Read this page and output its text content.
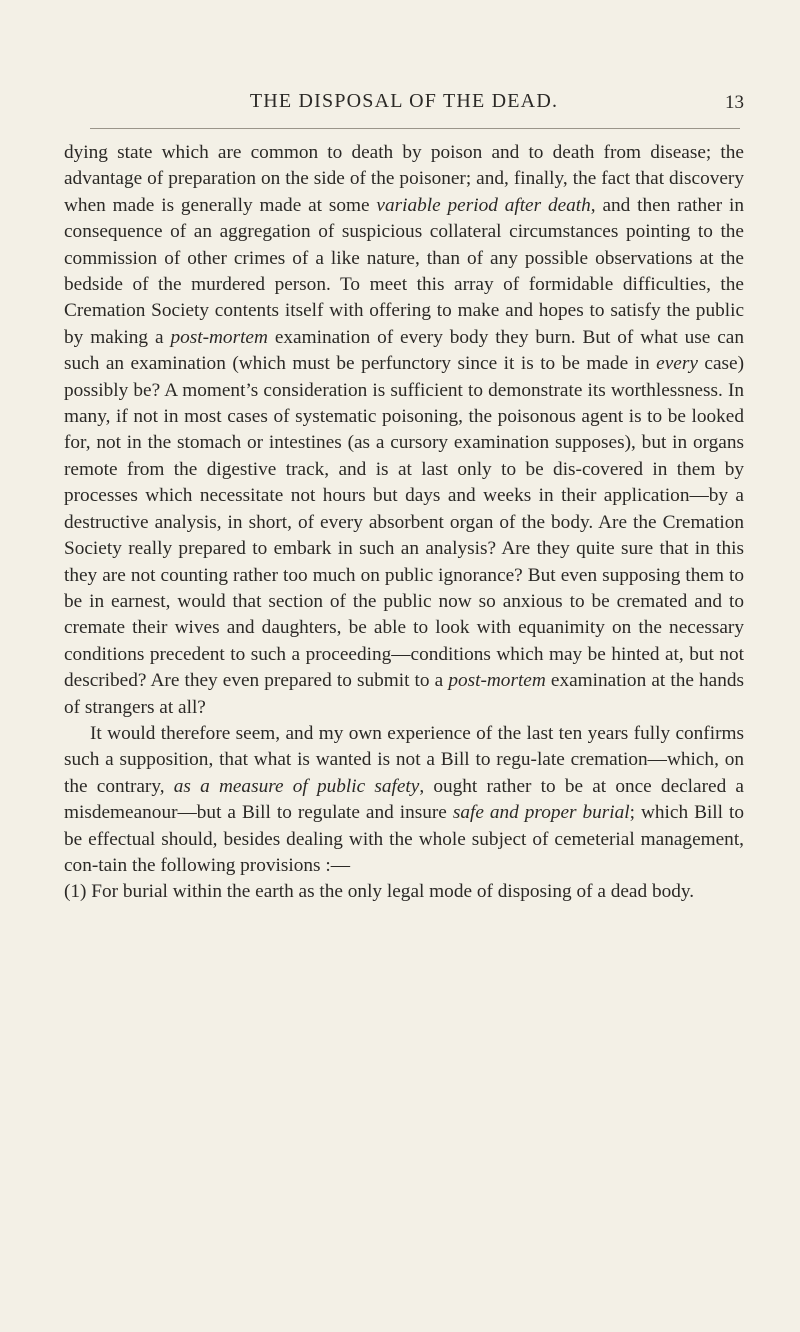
THE DISPOSAL OF THE DEAD.	13

dying state which are common to death by poison and to death from disease; the advantage of preparation on the side of the poisoner; and, finally, the fact that discovery when made is generally made at some variable period after death, and then rather in consequence of an aggregation of suspicious collateral circumstances pointing to the commission of other crimes of a like nature, than of any possible observations at the bedside of the murdered person. To meet this array of formidable difficulties, the Cremation Society contents itself with offering to make and hopes to satisfy the public by making a post-mortem examination of every body they burn. But of what use can such an examination (which must be perfunctory since it is to be made in every case) possibly be? A moment’s consideration is sufficient to demonstrate its worthlessness. In many, if not in most cases of systematic poisoning, the poisonous agent is to be looked for, not in the stomach or intestines (as a cursory examination supposes), but in organs remote from the digestive track, and is at last only to be dis-covered in them by processes which necessitate not hours but days and weeks in their application—by a destructive analysis, in short, of every absorbent organ of the body. Are the Cremation Society really prepared to embark in such an analysis? Are they quite sure that in this they are not counting rather too much on public ignorance? But even supposing them to be in earnest, would that section of the public now so anxious to be cremated and to cremate their wives and daughters, be able to look with equanimity on the necessary conditions precedent to such a proceeding—conditions which may be hinted at, but not described? Are they even prepared to submit to a post-mortem examination at the hands of strangers at all?

It would therefore seem, and my own experience of the last ten years fully confirms such a supposition, that what is wanted is not a Bill to regu-late cremation—which, on the contrary, as a measure of public safety, ought rather to be at once declared a misdemeanour—but a Bill to regulate and insure safe and proper burial; which Bill to be effectual should, besides dealing with the whole subject of cemeterial management, con-tain the following provisions :—

(1) For burial within the earth as the only legal mode of disposing of a dead body.
